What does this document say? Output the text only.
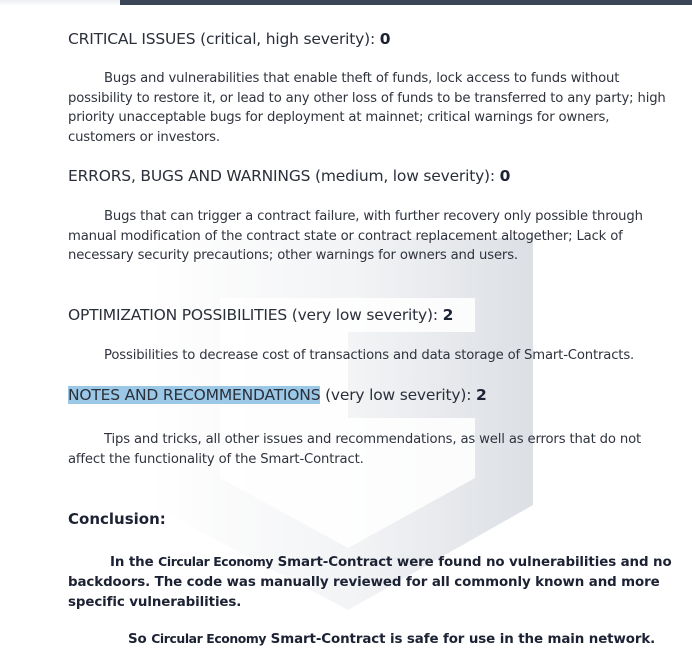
CRITICAL ISSUES (critical, high severity): 0
Bugs and vulnerabilities that enable theft of funds, lock access to funds without possibility to restore it, or lead to any other loss of funds to be transferred to any party; high priority unacceptable bugs for deployment at mainnet; critical warnings for owners, customers or investors.
ERRORS, BUGS AND WARNINGS (medium, low severity): 0
Bugs that can trigger a contract failure, with further recovery only possible through manual modification of the contract state or contract replacement altogether; Lack of necessary security precautions; other warnings for owners and users.
OPTIMIZATION POSSIBILITIES (very low severity): 2
Possibilities to decrease cost of transactions and data storage of Smart-Contracts.
NOTES AND RECOMMENDATIONS (very low severity): 2
Tips and tricks, all other issues and recommendations, as well as errors that do not affect the functionality of the Smart-Contract.
Conclusion:
In the Circular Economy Smart-Contract were found no vulnerabilities and no backdoors. The code was manually reviewed for all commonly known and more specific vulnerabilities.
So Circular Economy Smart-Contract is safe for use in the main network.
